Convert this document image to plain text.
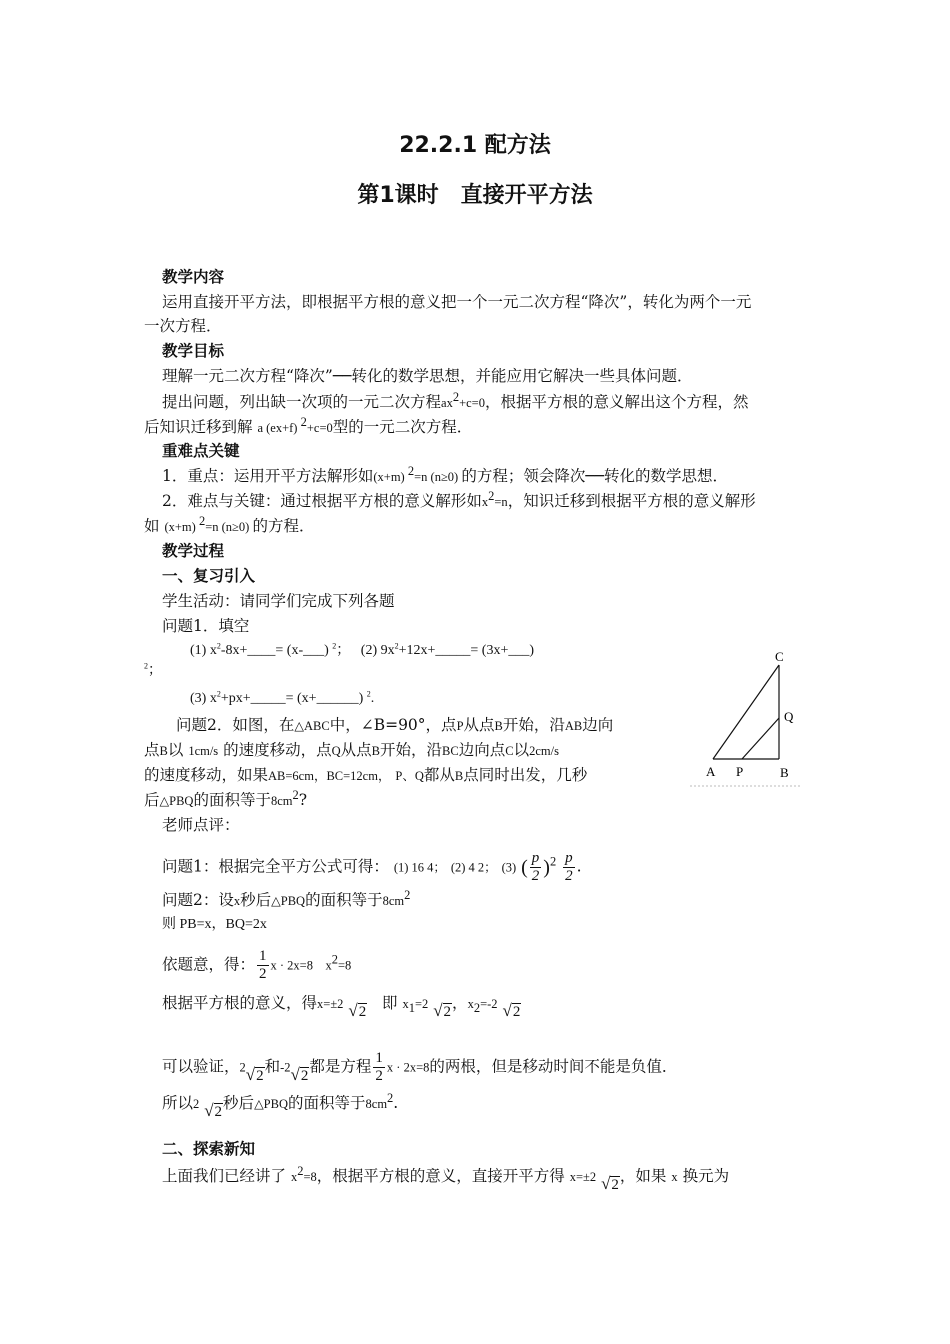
22.2.1 配方法
第1课时　直接开平方法
教学内容
运用直接开平方法，即根据平方根的意义把一个一元二次方程“降次”，转化为两个一元
一次方程．
教学目标
理解一元二次方程“降次”──转化的数学思想，并能应用它解决一些具体问题．
提出问题，列出缺一次项的一元二次方程$ax^2+c=0$，根据平方根的意义解出这个方程，然
后知识迁移到解 a (ex+f) $^2$+c=0型的一元二次方程．
重难点关键
1．重点：运用开平方法解形如(x+m) $^2$=n (n≥0) 的方程；领会降次──转化的数学思想．
2．难点与关键：通过根据平方根的意义解形如$x^2=n$，知识迁移到根据平方根的意义解形
如 (x+m) $^2$=n (n≥0) 的方程．
教学过程
一、复习引入
学生活动：请同学们完成下列各题
问题1．填空
(1) $x^2-8x+\_\_\_\_=$ (x-___) $^2$； (2) $9x^2+12x+\_\_\_\_\_=$ (3x+___)
$^2$；
(3) $x^2+px+\_\_\_\_\_=$ (x+______) $^2$.
问题2．如图，在△ABC中，∠B=90°，点P从点B开始，沿AB边向
点B以 1cm/s 的速度移动，点Q从点B开始，沿BC边向点C以2cm/s
的速度移动，如果AB=6cm，BC=12cm， P、Q都从B点同时出发，几秒
后△PBQ的面积等于$8cm^2$?
C
Q
A P	B
老师点评：
问题1：根据完全平方公式可得： (1) 16 4； (2) 4 2； (3) ( $\frac{p}{2} )^2 \frac{p}{2}$ .
问题2：设x秒后△PBQ的面积等于$8cm^2$
则 PB=x，BQ=2x
依题意，得： $\frac{1}{2}$ x · 2x=8　$x^2=8$
根据平方根的意义，得x=±2 √2 即 $x_1=2$ √2，$x_2=-2$ √2
可以验证，2√2和-2√2都是方程 $\frac{1}{2}$ x · 2x=8的两根，但是移动时间不能是负值．
所以2 √2秒后△PBQ的面积等于$8cm^2$.
二、探索新知
上面我们已经讲了 $x^2=8$，根据平方根的意义，直接开平方得 x=±2 √2，如果 x 换元为
